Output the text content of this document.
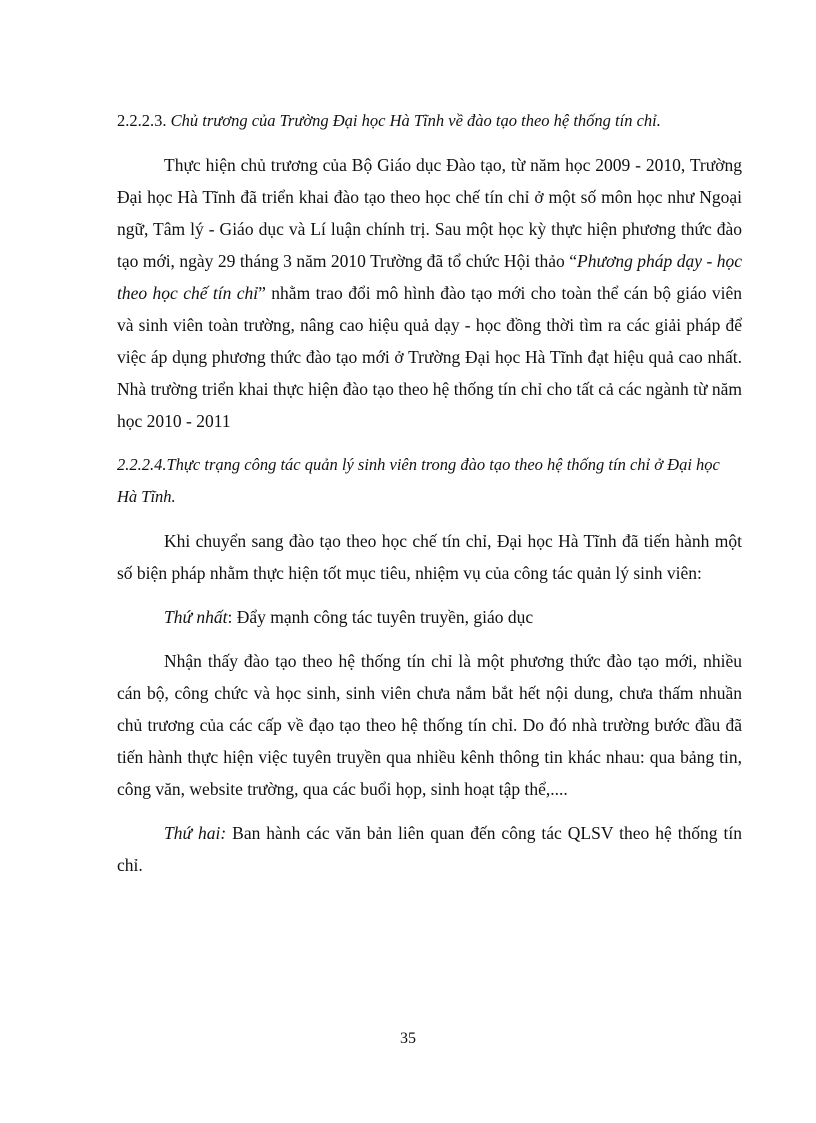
2.2.2.3. Chủ trương của Trường Đại học Hà Tĩnh về đào tạo theo hệ thống tín chỉ.

Thực hiện chủ trương của Bộ Giáo dục Đào tạo, từ năm học 2009 - 2010, Trường Đại học Hà Tĩnh đã triển khai đào tạo theo học chế tín chỉ ở một số môn học như Ngoại ngữ, Tâm lý - Giáo dục và Lí luận chính trị. Sau một học kỳ thực hiện phương thức đào tạo mới, ngày 29 tháng 3 năm 2010 Trường đã tổ chức Hội thảo “Phương pháp dạy - học theo học chế tín chỉ” nhằm trao đổi mô hình đào tạo mới cho toàn thể cán bộ giáo viên và sinh viên toàn trường, nâng cao hiệu quả dạy - học đồng thời tìm ra các giải pháp để việc áp dụng phương thức đào tạo mới ở Trường Đại học Hà Tĩnh đạt hiệu quả cao nhất. Nhà trường triển khai thực hiện đào tạo theo hệ thống tín chỉ cho tất cả các ngành từ năm học 2010 - 2011

2.2.2.4.Thực trạng công tác quản lý sinh viên trong đào tạo theo hệ thống tín chỉ ở Đại học Hà Tĩnh.

Khi chuyển sang đào tạo theo học chế tín chỉ, Đại học Hà Tĩnh đã tiến hành một số biện pháp nhằm thực hiện tốt mục tiêu, nhiệm vụ của công tác quản lý sinh viên:

Thứ nhất: Đẩy mạnh công tác tuyên truyền, giáo dục

Nhận thấy đào tạo theo hệ thống tín chỉ là một phương thức đào tạo mới, nhiều cán bộ, công chức và học sinh, sinh viên chưa nắm bắt hết nội dung, chưa thấm nhuần chủ trương của các cấp về đạo tạo theo hệ thống tín chỉ. Do đó nhà trường bước đầu đã tiến hành thực hiện việc tuyên truyền qua nhiều kênh thông tin khác nhau: qua bảng tin, công văn, website trường, qua các buổi họp, sinh hoạt tập thể,....

Thứ hai: Ban hành các văn bản liên quan đến công tác QLSV theo hệ thống tín chỉ.

35
